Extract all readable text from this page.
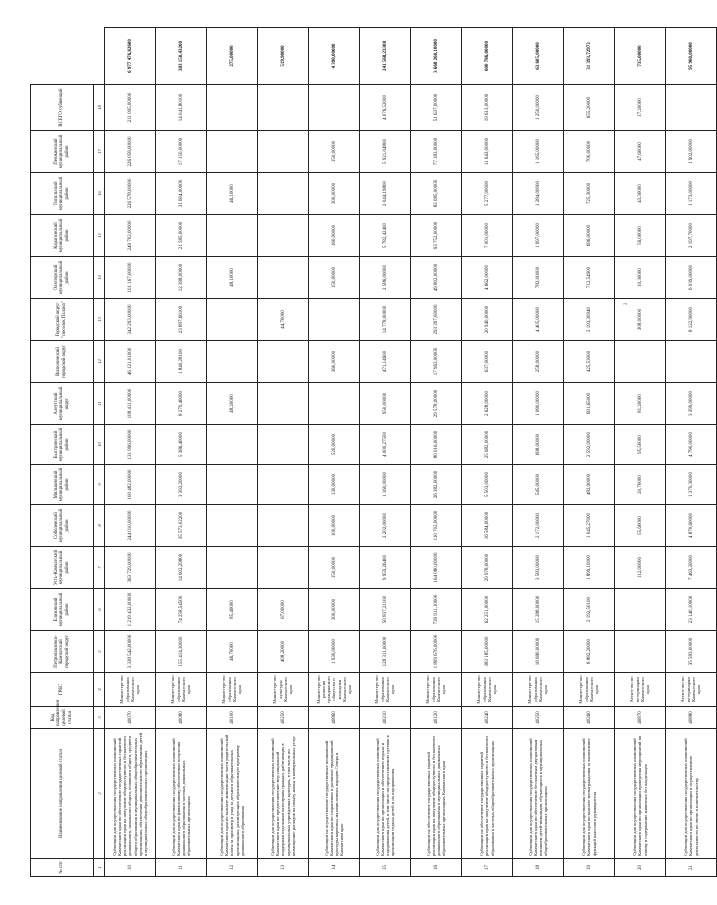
№ п/п	Наименование направления целевой статьи	Код направления целевой статьи	ГРБС	Петропавловск-Камчатский городской округ	Елизовский муниципальный район	Усть-Камчатский муниципальный район	Соболевский муниципальный район	Мильковский муниципальный район	Быстринский муниципальный район	Алеутский муниципальный округ	Вилючинский городской округ	Городской округ "поселок Палана"	Олюторский муниципальный район	Карагинский муниципальный район	Тигильский муниципальный район	Пенжинский муниципальный район	ВСЕГО субвенций	
1	2	3	4	5	6	7	8	9	10	11	12	13	14	15	16	17	18	
10	Субвенции для осуществления государственных полномочий Камчатского края по обеспечению государственных гарантий реализации прав на получение общедоступного и бесплатного дошкольного, начального общего, основного общего, среднего общего образования в муниципальных общеобразовательных организациях, обеспечения дополнительного образования детей в муниципальных общеобразовательных организациях	40070	Министерство образования Камчатского края	3 338 542,00000	1 219 432,00000	363 729,00000	244 010,00000	100 482,00000	131 996,00000	108 411,00000	46 121,01000	342 293,00000	101 167,00000	249 702,00000	226 578,00000	226 058,00000	211 095,00000	6 977 476,82600
11	Субвенции для осуществления государственных полномочий Камчатского края по финансовому обеспечению получения дошкольного образования в частных дошкольных образовательных организациях	40080	Министерство образования Камчатского края	155 414,30000	74 258,54500	14 602,29800	35 573,02200	3 393,20000	5 386,40000	8 270,40000	1 840,28100	23 897,66100	12 398,00000	21 585,00000	31 604,00000	17 150,00000	14 041,80100	383 150,43200
12	Субвенции для осуществления государственных полномочий Камчатского края по выплате компенсации части родительской платы за присмотр и уход за детьми в образовательных организациях, реализующих образовательную программу дошкольного образования	40100	Министерство образования Камчатского края	46,70000	85,40000					48,20000			48,10000		46,10000			275,00000
13	Субвенции для осуществления государственных полномочий Камчатского края по предоставлению мер социальной поддержки отдельным категориям граждан, работающих в муниципальных учреждениях культуры, в том числе по возмещению расходов на оплату жилья и коммунальных услуг	40250	Министерство культуры Камчатского края	408,20000	67,00000							44,70000						519,90000
14	Субвенции на осуществление государственных полномочий Камчатского края по сохранению и развитию традиционной культуры коренных малочисленных народов Севера в Камчатском крае	40860	Министерство развития гражданского общества и молодежи Камчатского края	1 930,00000	300,00000	150,00000	100,00000	130,00000	520,00000		360,00000		150,00000	160,00000	300,00000	150,00000		4 390,00000
15	Субвенции для осуществления государственных полномочий Камчатского края по организации и обеспечению отдыха и оздоровления детей, в том числе по предоставлению путевок в организации отдыха детей и их оздоровления	40210	Министерство образования Камчатского края	128 311,00000	50 837,21100	9 959,26400	2 202,00000	1 160,00000	4 000,27500	950,00000	471,14600	14 778,00000	2 586,00000	5 782,42400	2 044,19800	5 921,04800	4 076,52000	241 568,23308
16	Субвенции на обеспечение государственных гарантий реализации прав на получение общедоступного и бесплатного дошкольного образования в муниципальных дошкольных образовательных организациях Камчатского края	40120	Министерство образования Камчатского края	1 809 676,00000	739 911,10000	164 080,00000	110 702,00000	26 382,00000	80 016,00000	29 578,00000	17 963,00000	293 397,00000	49 802,00000	93 752,00000	82 085,00000	77 183,00000	51 637,00000	3 668 260,10000
17	Субвенции на обеспечение государственных гарантий реализации прав на получение общедоступного и бесплатного образования в частных общеобразовательных организациях	40240	Министерство образования Камчатского края	383 185,00000	62 251,00000	29 978,00000	16 584,00000	5 503,00000	25 682,00000	2 628,00000	637,00000	20 940,00000	4 662,00000	7 001,00000	5 277,00000	11 643,00000	19 613,00000	600 786,00000
18	Субвенции для осуществления государственных полномочий Камчатского края по обеспечению бесплатным двухразовым питанием детей-инвалидов, обучающихся в муниципальных общеобразовательных организациях	40250	Министерство образования Камчатского края	18 680,00000	15 288,00000	3 583,00000	2 172,00000	545,00000	698,00000	1 080,00000	258,00000	4 405,00000	782,00000	1 997,00000	1 284,00000	1 165,00000	1 250,00000	63 605,00000
19	Субвенции для осуществления государственных полномочий Камчатского края по выплате вознаграждения за выполнение функций классного руководителя	40260	Министерство образования Камчатского края	8 882,20000	2 192,50100	1 899,10000	1 045,27000	482,90000	2 592,00000	691,65000	425,53000	2 193,30940	712,54900	696,00000	725,30000	700,00000	655,20000	31 393,72973
20	Субвенции для осуществления государственных полномочий Камчатского края по организации проведения мероприятий по отлову и содержанию животных без владельцев	40870	Агентство по ветеринарии Камчатского края			112,00000	55,60000	20,70000	95,50000	81,20000		308,00000	10,30000	56,00000	43,30000	47,60000	17,20000	735,00000
21	Субвенции для осуществления государственных полномочий Камчатского края по организации и осуществлению деятельности по опеке и попечительству	40880	Агентство по ветеринарии Камчатского края	35 583,00000	23 140,10000	7 463,20000	4 870,60000	1 370,30000	4 790,00000	3 399,00000		8 122,90000	6 039,00000	2 197,70000	1 173,00000	1 902,00000		95 960,00000
2
